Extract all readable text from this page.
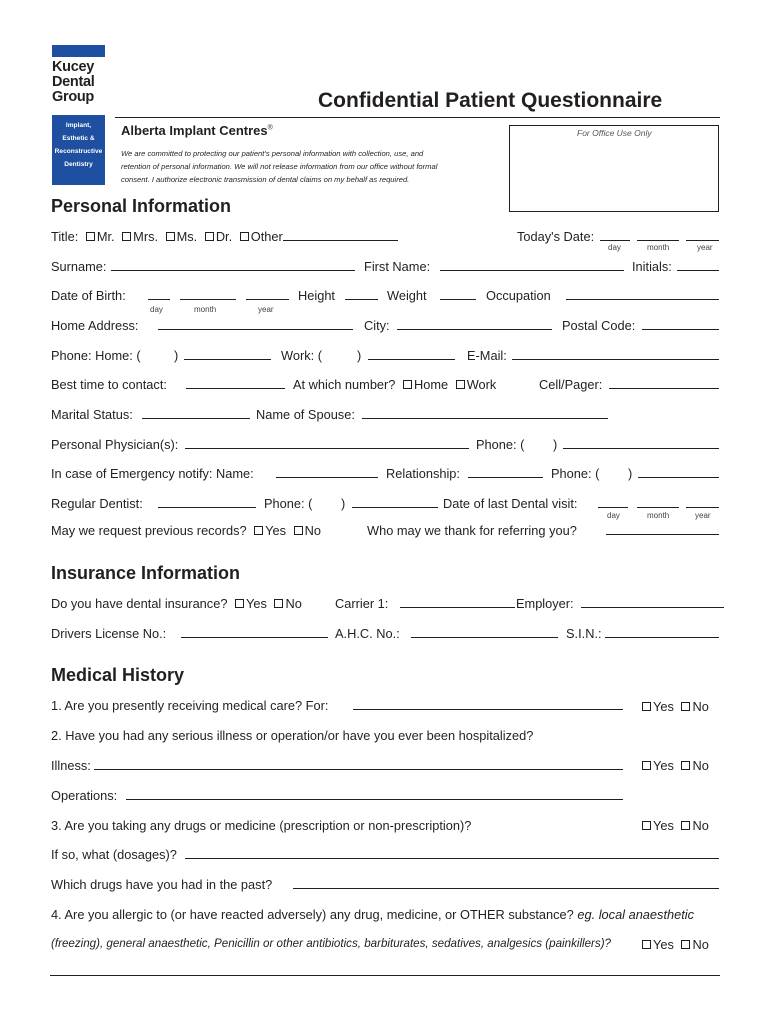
Kucey
Dental
Group
Implant,
Esthetic &
Reconstructive
Dentistry
Confidential Patient Questionnaire
Alberta Implant Centres®
We are committed to protecting our patient's personal information with collection, use, and
retention of personal information. We will not release information from our office without formal
consent. I authorize electronic transmission of dental claims on my behalf as required.
For Office Use Only
Personal Information
Title: Mr. Mrs. Ms. Dr. Other	Today's Date:
day	month	year
Surname:	First Name:	Initials:
Date of Birth:
day	month	year
Height	Weight	Occupation
Home Address:	City:	Postal Code:
Phone: Home: (	)	Work: (	)	E-Mail:
Best time to contact:	At which number? Home Work	Cell/Pager:
Marital Status:	Name of Spouse:
Personal Physician(s):	Phone: ( )
In case of Emergency notify: Name:	Relationship:	Phone: ( )
Regular Dentist:	Phone: ( )	Date of last Dental visit:
day	month	year
May we request previous records? Yes No	Who may we thank for referring you?
Insurance Information
Do you have dental insurance? Yes No	Carrier 1:	Employer:
Drivers License No.:	A.H.C. No.:	S.I.N.:
Medical History
1. Are you presently receiving medical care? For:	Yes No
2. Have you had any serious illness or operation/or have you ever been hospitalized?
Illness:	Yes No
Operations:
3. Are you taking any drugs or medicine (prescription or non-prescription)?	Yes No
If so, what (dosages)?
Which drugs have you had in the past?
4. Are you allergic to (or have reacted adversely) any drug, medicine, or OTHER substance? eg. local anaesthetic
(freezing), general anaesthetic, Penicillin or other antibiotics, barbiturates, sedatives, analgesics (painkillers)?	Yes No
